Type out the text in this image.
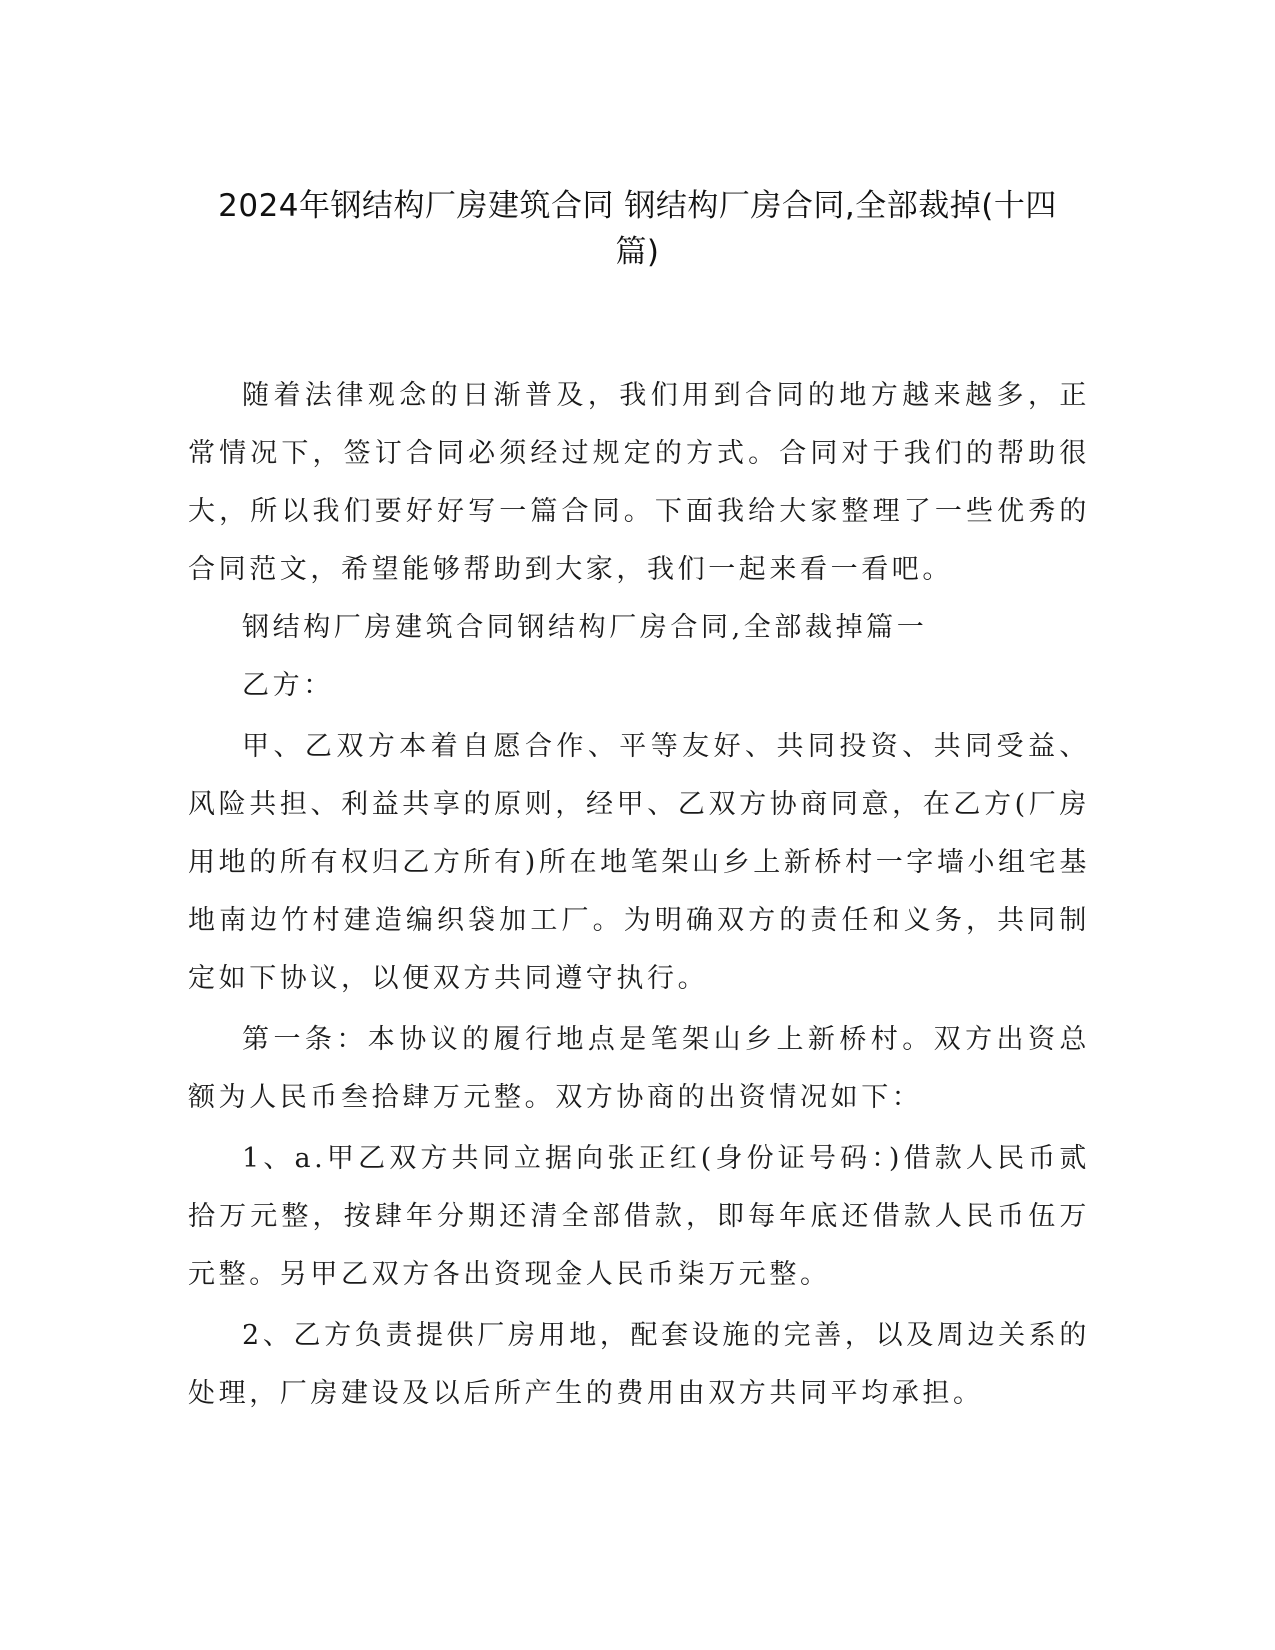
2024年钢结构厂房建筑合同 钢结构厂房合同,全部裁掉(十四
篇)

随着法律观念的日渐普及，我们用到合同的地方越来越多，正常情况下，签订合同必须经过规定的方式。合同对于我们的帮助很大，所以我们要好好写一篇合同。下面我给大家整理了一些优秀的合同范文，希望能够帮助到大家，我们一起来看一看吧。

钢结构厂房建筑合同钢结构厂房合同,全部裁掉篇一

乙方：

甲、乙双方本着自愿合作、平等友好、共同投资、共同受益、风险共担、利益共享的原则，经甲、乙双方协商同意，在乙方(厂房用地的所有权归乙方所有)所在地笔架山乡上新桥村一字墙小组宅基地南边竹村建造编织袋加工厂。为明确双方的责任和义务，共同制定如下协议，以便双方共同遵守执行。

第一条：本协议的履行地点是笔架山乡上新桥村。双方出资总额为人民币叁拾肆万元整。双方协商的出资情况如下：

1、a.甲乙双方共同立据向张正红(身份证号码：)借款人民币贰拾万元整，按肆年分期还清全部借款，即每年底还借款人民币伍万元整。另甲乙双方各出资现金人民币柒万元整。

2、乙方负责提供厂房用地，配套设施的完善，以及周边关系的处理，厂房建设及以后所产生的费用由双方共同平均承担。
